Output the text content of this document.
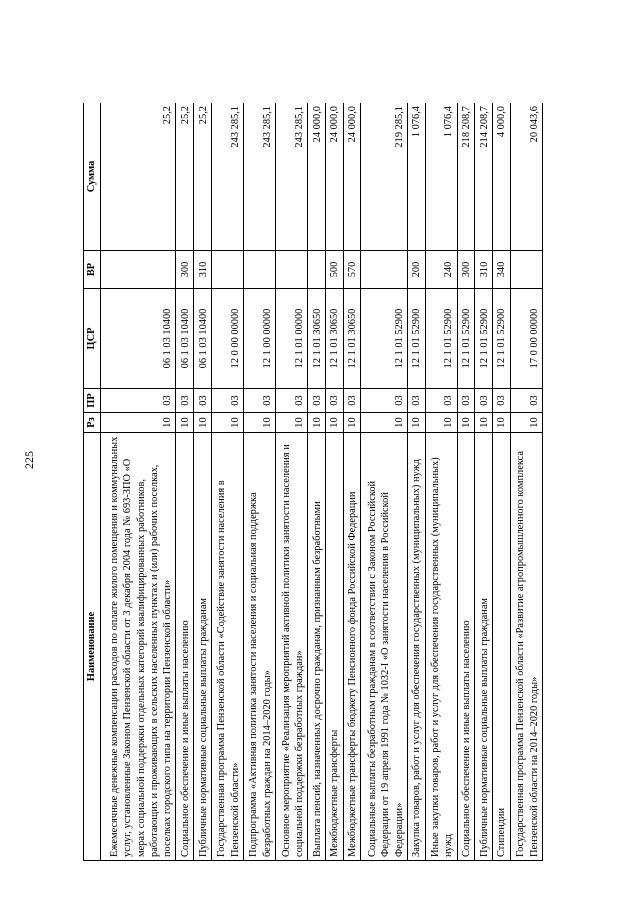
225
Наименование	Рз	ПР	ЦСР	ВР	Сумма
Ежемесячные денежные компенсации расходов по оплате жилого помещения и коммунальных услуг, установленные Законом Пензенской области от 3 декабря 2004 года № 693-ЗПО «О мерах социальной поддержки отдельных категорий квалифицированных работников, работающих и проживающих в сельских населенных пунктах и (или) рабочих поселках, поселках городского типа на территории Пензенской области»	10	03	06 1 03 10400		25,2
Социальное обеспечение и иные выплаты населению	10	03	06 1 03 10400	300	25,2
Публичные нормативные социальные выплаты гражданам	10	03	06 1 03 10400	310	25,2
Государственная программа Пензенской области «Содействие занятости населения в Пензенской области»	10	03	12 0 00 00000		243 285,1
Подпрограмма «Активная политика занятости населения и социальная поддержка безработных граждан на 2014–2020 годы»	10	03	12 1 00 00000		243 285,1
Основное мероприятие «Реализация мероприятий активной политики занятости населения и социальной поддержки безработных граждан»	10	03	12 1 01 00000		243 285,1
Выплата пенсий, назначенных досрочно гражданам, признанным безработными	10	03	12 1 01 30650		24 000,0
Межбюджетные трансферты	10	03	12 1 01 30650	500	24 000,0
Межбюджетные трансферты бюджету Пенсионного фонда Российской Федерации	10	03	12 1 01 30650	570	24 000,0
Социальные выплаты безработным гражданам в соответствии с Законом Российской Федерации от 19 апреля 1991 года № 1032-I «О занятости населения в Российской Федерации»	10	03	12 1 01 52900		219 285,1
Закупка товаров, работ и услуг для обеспечения государственных (муниципальных) нужд	10	03	12 1 01 52900	200	1 076,4
Иные закупки товаров, работ и услуг для обеспечения государственных (муниципальных) нужд	10	03	12 1 01 52900	240	1 076,4
Социальное обеспечение и иные выплаты населению	10	03	12 1 01 52900	300	218 208,7
Публичные нормативные социальные выплаты гражданам	10	03	12 1 01 52900	310	214 208,7
Стипендии	10	03	12 1 01 52900	340	4 000,0
Государственная программа Пензенской области «Развитие агропромышленного комплекса Пензенской области на 2014–2020 годы»	10	03	17 0 00 00000		20 043,6
